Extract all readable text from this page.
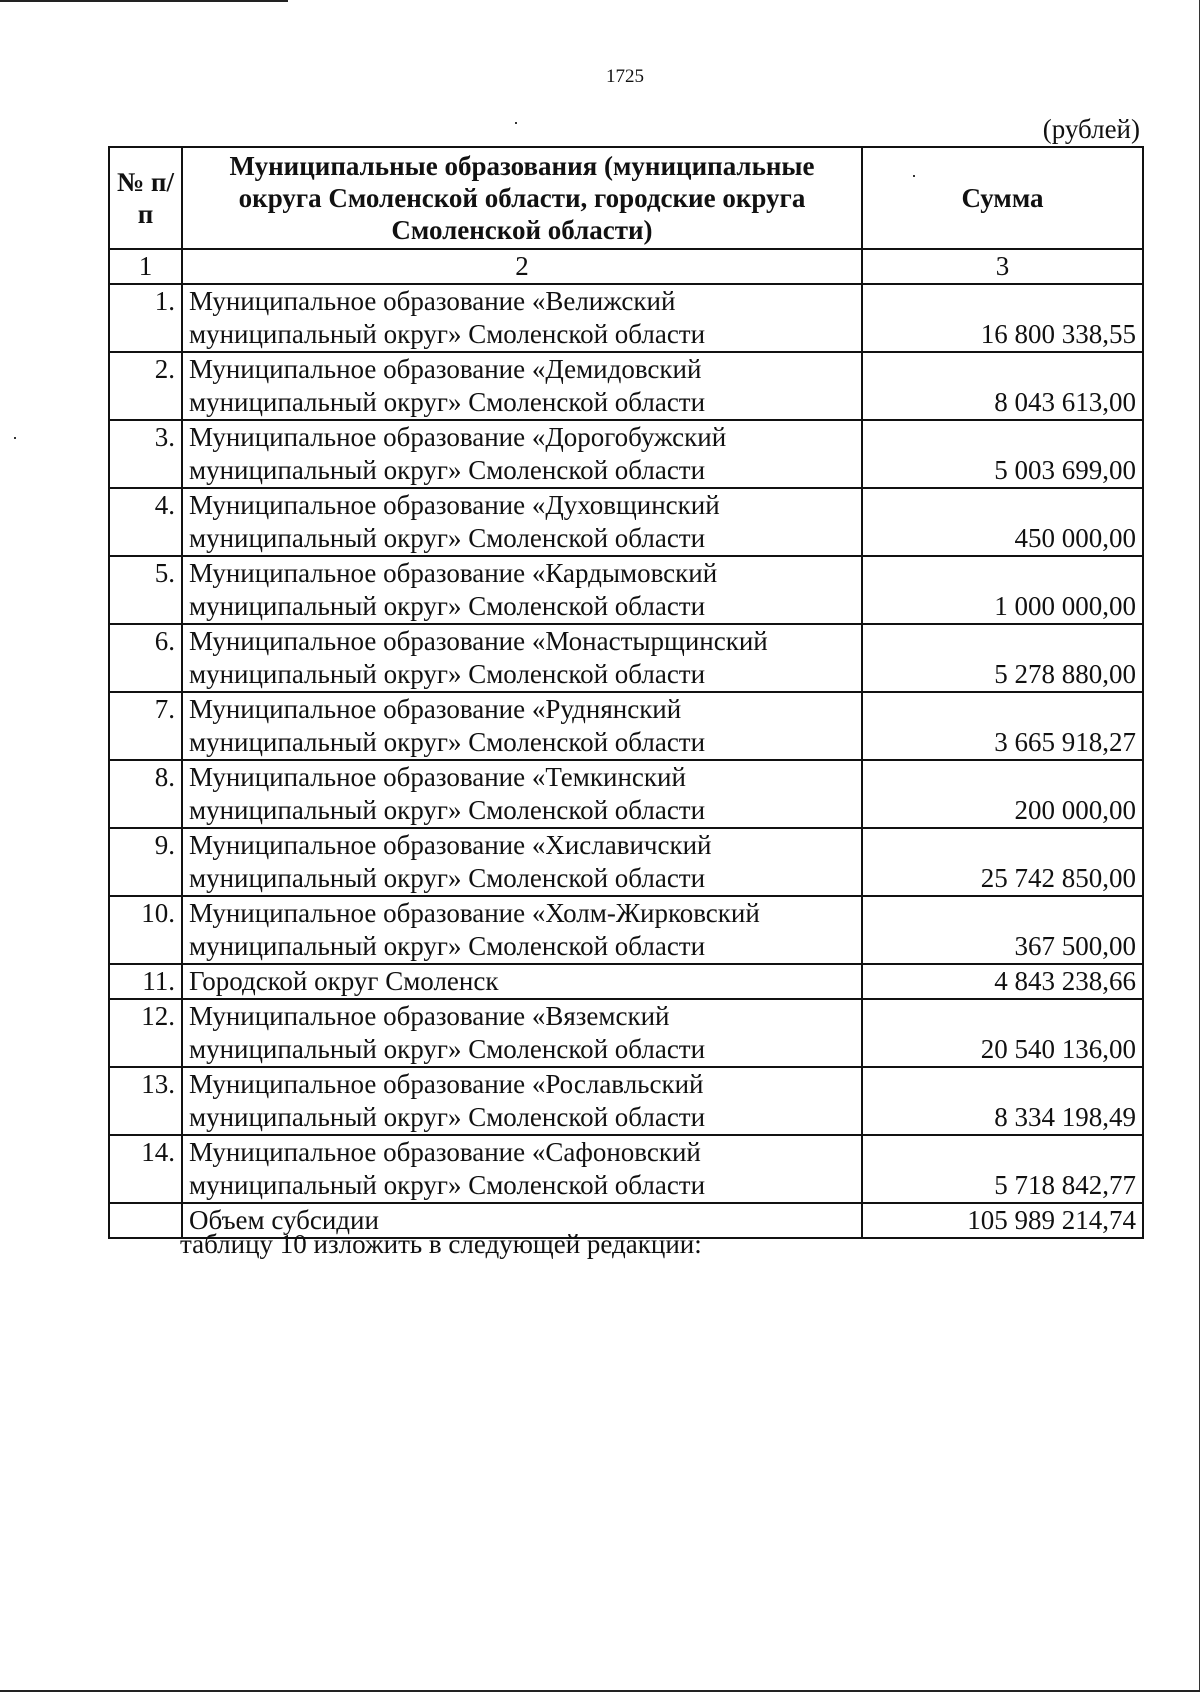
1725
(рублей)
№ п/п	Муниципальные образования (муниципальные округа Смоленской области, городские округа Смоленской области)	Сумма
1	2	3
1.	Муниципальное образование «Велижский
муниципальный округ» Смоленской области	16 800 338,55
2.	Муниципальное образование «Демидовский
муниципальный округ» Смоленской области	8 043 613,00
3.	Муниципальное образование «Дорогобужский
муниципальный округ» Смоленской области	5 003 699,00
4.	Муниципальное образование «Духовщинский
муниципальный округ» Смоленской области	450 000,00
5.	Муниципальное образование «Кардымовский
муниципальный округ» Смоленской области	1 000 000,00
6.	Муниципальное образование «Монастырщинский
муниципальный округ» Смоленской области	5 278 880,00
7.	Муниципальное образование «Руднянский
муниципальный округ» Смоленской области	3 665 918,27
8.	Муниципальное образование «Темкинский
муниципальный округ» Смоленской области	200 000,00
9.	Муниципальное образование «Хиславичский
муниципальный округ» Смоленской области	25 742 850,00
10.	Муниципальное образование «Холм-Жирковский
муниципальный округ» Смоленской области	367 500,00
11.	Городской округ Смоленск	4 843 238,66
12.	Муниципальное образование «Вяземский
муниципальный округ» Смоленской области	20 540 136,00
13.	Муниципальное образование «Рославльский
муниципальный округ» Смоленской области	8 334 198,49
14.	Муниципальное образование «Сафоновский
муниципальный округ» Смоленской области	5 718 842,77
	Объем субсидии	105 989 214,74
таблицу 10 изложить в следующей редакции:
